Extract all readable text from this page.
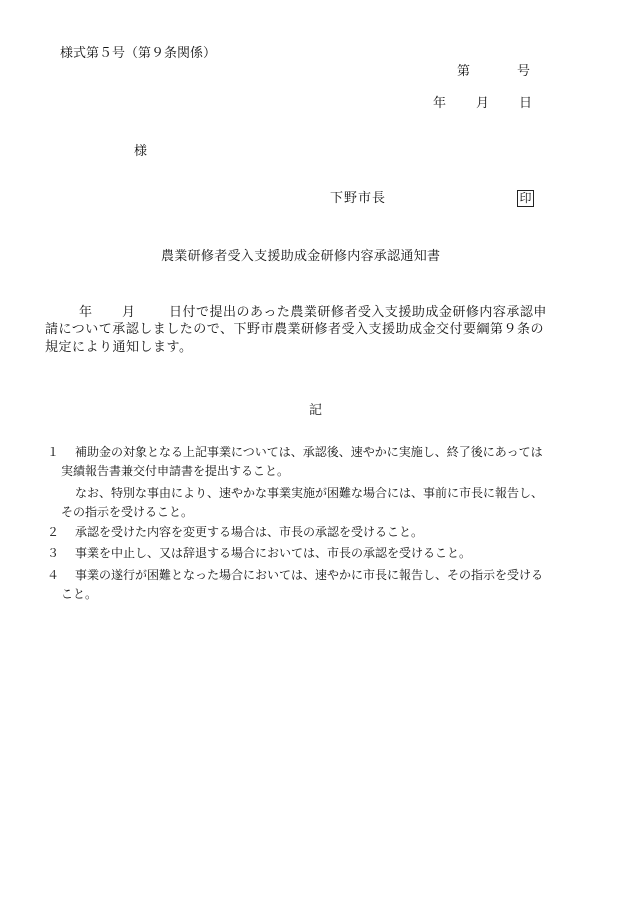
様式第５号（第９条関係）
第	号
年 月 日
様
下野市長	印
農業研修者受入支援助成金研修内容承認通知書
年 月	日付で提出のあった農業研修者受入支援助成金研修内容承認申
請について承認しましたので、下野市農業研修者受入支援助成金交付要綱第９条の
規定により通知します。
記
１ 補助金の対象となる上記事業については、承認後、速やかに実施し、終了後にあっては
実績報告書兼交付申請書を提出すること。
なお、特別な事由により、速やかな事業実施が困難な場合には、事前に市長に報告し、
その指示を受けること。
２ 承認を受けた内容を変更する場合は、市長の承認を受けること。
３ 事業を中止し、又は辞退する場合においては、市長の承認を受けること。
４ 事業の遂行が困難となった場合においては、速やかに市長に報告し、その指示を受ける
こと。
